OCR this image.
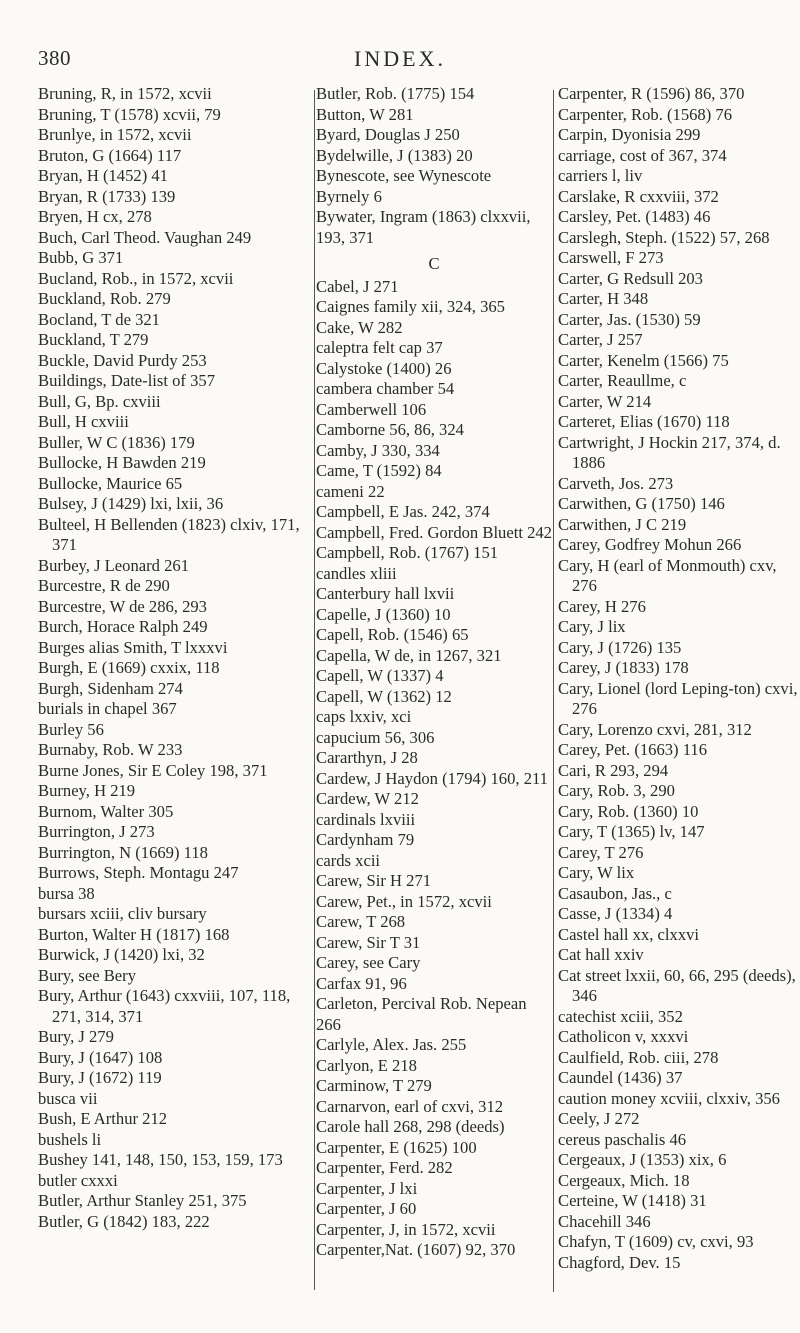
380	INDEX.

Bruning, R, in 1572, xcvii

Bruning, T (1578) xcvii, 79

Brunlye, in 1572, xcvii

Bruton, G (1664) 117

Bryan, H (1452) 41

Bryan, R (1733) 139

Bryen, H cx, 278

Buch, Carl Theod. Vaughan 249

Bubb, G 371

Bucland, Rob., in 1572, xcvii

Buckland, Rob. 279

Bocland, T de 321

Buckland, T 279

Buckle, David Purdy 253

Buildings, Date-list of 357

Bull, G, Bp. cxviii

Bull, H cxviii

Buller, W C (1836) 179

Bullocke, H Bawden 219

Bullocke, Maurice 65

Bulsey, J (1429) lxi, lxii, 36

Bulteel, H Bellenden (1823) clxiv, 171, 371

Burbey, J Leonard 261

Burcestre, R de 290

Burcestre, W de 286, 293

Burch, Horace Ralph 249

Burges alias Smith, T lxxxvi

Burgh, E (1669) cxxix, 118

Burgh, Sidenham 274

burials in chapel 367

Burley 56

Burnaby, Rob. W 233

Burne Jones, Sir E Coley 198, 371

Burney, H 219

Burnom, Walter 305

Burrington, J 273

Burrington, N (1669) 118

Burrows, Steph. Montagu 247

bursa 38

bursars xciii, cliv bursary

Burton, Walter H (1817) 168

Burwick, J (1420) lxi, 32

Bury, see Bery

Bury, Arthur (1643) cxxviii, 107, 118, 271, 314, 371

Bury, J 279

Bury, J (1647) 108

Bury, J (1672) 119

busca vii

Bush, E Arthur 212

bushels li

Bushey 141, 148, 150, 153, 159, 173

butler cxxxi

Butler, Arthur Stanley 251, 375

Butler, G (1842) 183, 222

Butler, Rob. (1775) 154

Button, W 281

Byard, Douglas J 250

Bydelwille, J (1383) 20

Bynescote, see Wynescote

Byrnely 6

Bywater, Ingram (1863) clxxvii, 193, 371

C

Cabel, J 271

Caignes family xii, 324, 365

Cake, W 282

caleptra felt cap 37

Calystoke (1400) 26

cambera chamber 54

Camberwell 106

Camborne 56, 86, 324

Camby, J 330, 334

Came, T (1592) 84

cameni 22

Campbell, E Jas. 242, 374

Campbell, Fred. Gordon Bluett 242

Campbell, Rob. (1767) 151

candles xliii

Canterbury hall lxvii

Capelle, J (1360) 10

Capell, Rob. (1546) 65

Capella, W de, in 1267, 321

Capell, W (1337) 4

Capell, W (1362) 12

caps lxxiv, xci

capucium 56, 306

Cararthyn, J 28

Cardew, J Haydon (1794) 160, 211

Cardew, W 212

cardinals lxviii

Cardynham 79

cards xcii

Carew, Sir H 271

Carew, Pet., in 1572, xcvii

Carew, T 268

Carew, Sir T 31

Carey, see Cary

Carfax 91, 96

Carleton, Percival Rob. Nepean 266

Carlyle, Alex. Jas. 255

Carlyon, E 218

Carminow, T 279

Carnarvon, earl of cxvi, 312

Carole hall 268, 298 (deeds)

Carpenter, E (1625) 100

Carpenter, Ferd. 282

Carpenter, J lxi

Carpenter, J 60

Carpenter, J, in 1572, xcvii

Carpenter,Nat. (1607) 92, 370

Carpenter, R (1596) 86, 370

Carpenter, Rob. (1568) 76

Carpin, Dyonisia 299

carriage, cost of 367, 374

carriers l, liv

Carslake, R cxxviii, 372

Carsley, Pet. (1483) 46

Carslegh, Steph. (1522) 57, 268

Carswell, F 273

Carter, G Redsull 203

Carter, H 348

Carter, Jas. (1530) 59

Carter, J 257

Carter, Kenelm (1566) 75

Carter, Reaullme, c

Carter, W 214

Carteret, Elias (1670) 118

Cartwright, J Hockin 217, 374, d. 1886

Carveth, Jos. 273

Carwithen, G (1750) 146

Carwithen, J C 219

Carey, Godfrey Mohun 266

Cary, H (earl of Monmouth) cxv, 276

Carey, H 276

Cary, J lix

Cary, J (1726) 135

Carey, J (1833) 178

Cary, Lionel (lord Leping-ton) cxvi, 276

Cary, Lorenzo cxvi, 281, 312

Carey, Pet. (1663) 116

Cari, R 293, 294

Cary, Rob. 3, 290

Cary, Rob. (1360) 10

Cary, T (1365) lv, 147

Carey, T 276

Cary, W lix

Casaubon, Jas., c

Casse, J (1334) 4

Castel hall xx, clxxvi

Cat hall xxiv

Cat street lxxii, 60, 66, 295 (deeds), 346

catechist xciii, 352

Catholicon v, xxxvi

Caulfield, Rob. ciii, 278

Caundel (1436) 37

caution money xcviii, clxxiv, 356

Ceely, J 272

cereus paschalis 46

Cergeaux, J (1353) xix, 6

Cergeaux, Mich. 18

Certeine, W (1418) 31

Chacehill 346

Chafyn, T (1609) cv, cxvi, 93

Chagford, Dev. 15
